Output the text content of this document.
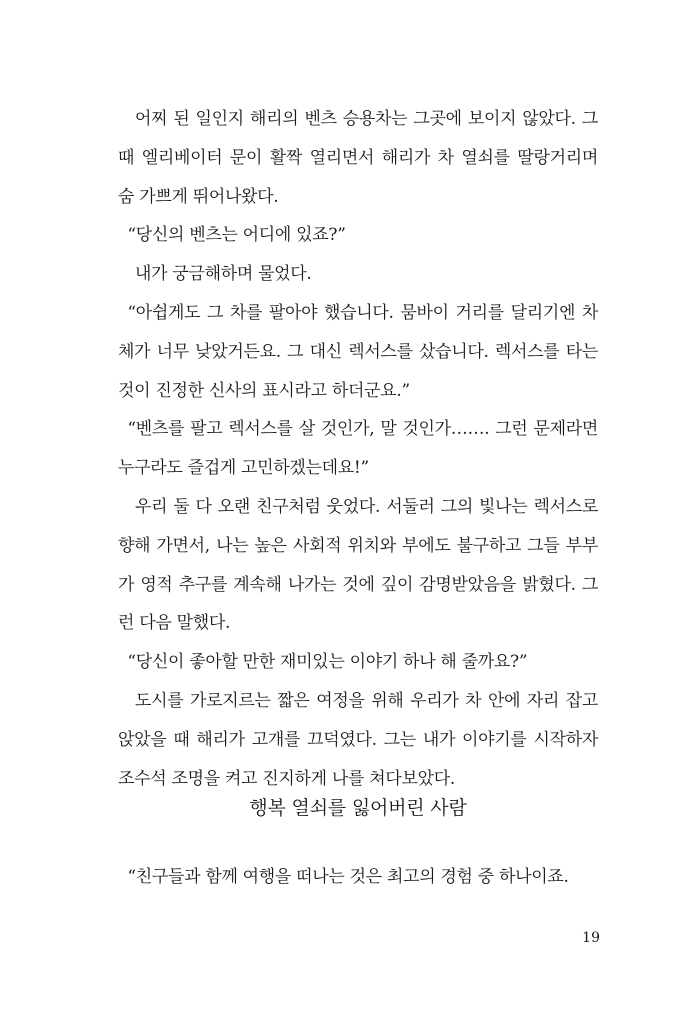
어찌 된 일인지 해리의 벤츠 승용차는 그곳에 보이지 않았다. 그때 엘리베이터 문이 활짝 열리면서 해리가 차 열쇠를 딸랑거리며 숨 가쁘게 뛰어나왔다.

“당신의 벤츠는 어디에 있죠?”

내가 궁금해하며 물었다.

“아쉽게도 그 차를 팔아야 했습니다. 뭄바이 거리를 달리기엔 차체가 너무 낮았거든요. 그 대신 렉서스를 샀습니다. 렉서스를 타는 것이 진정한 신사의 표시라고 하더군요.”

“벤츠를 팔고 렉서스를 살 것인가, 말 것인가……. 그런 문제라면 누구라도 즐겁게 고민하겠는데요!”

우리 둘 다 오랜 친구처럼 웃었다. 서둘러 그의 빛나는 렉서스로 향해 가면서, 나는 높은 사회적 위치와 부에도 불구하고 그들 부부가 영적 추구를 계속해 나가는 것에 깊이 감명받았음을 밝혔다. 그런 다음 말했다.

“당신이 좋아할 만한 재미있는 이야기 하나 해 줄까요?”

도시를 가로지르는 짧은 여정을 위해 우리가 차 안에 자리 잡고 앉았을 때 해리가 고개를 끄덕였다. 그는 내가 이야기를 시작하자 조수석 조명을 켜고 진지하게 나를 쳐다보았다.

행복 열쇠를 잃어버린 사람

“친구들과 함께 여행을 떠나는 것은 최고의 경험 중 하나이죠.

19
